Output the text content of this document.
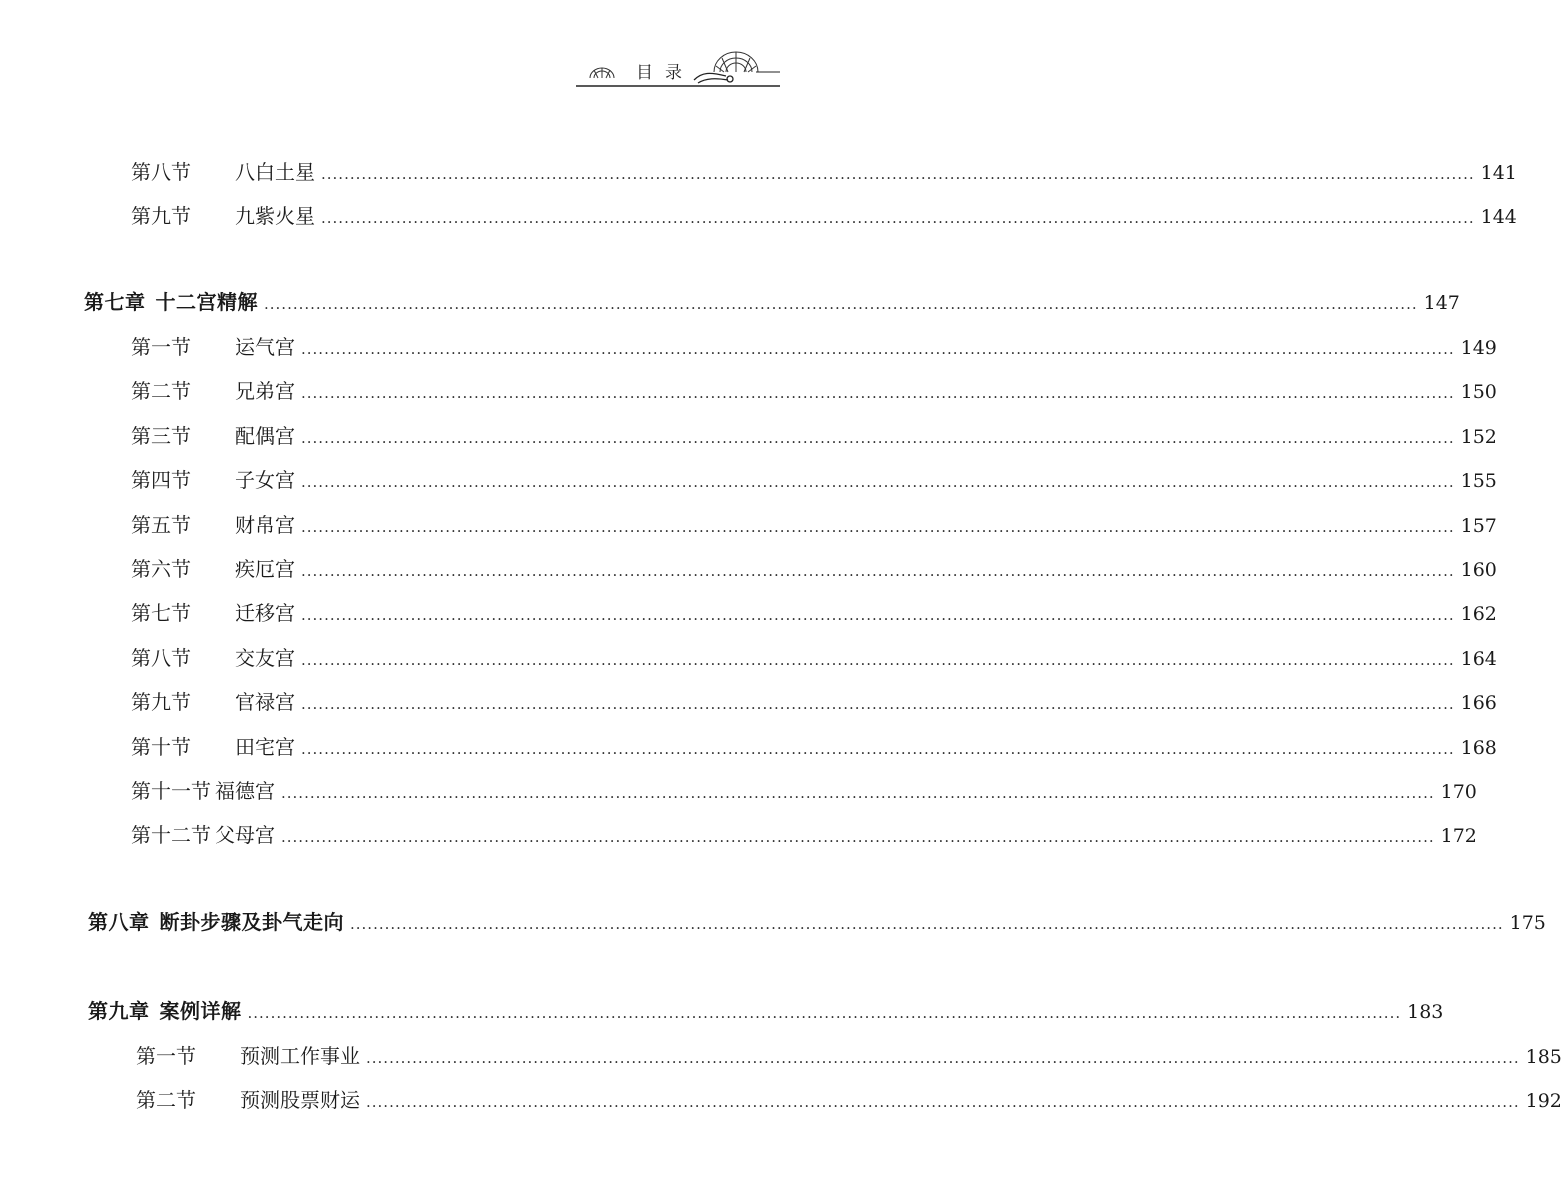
目录
第八节 八白土星 ........................................................................................................................................................................................................ 141
第九节 九紫火星 ........................................................................................................................................................................................................ 144
第七章 十二宫精解 ........................................................................................................................................................................................................ 147
第一节 运气宫 ........................................................................................................................................................................................................ 149
第二节 兄弟宫 ........................................................................................................................................................................................................ 150
第三节 配偶宫 ........................................................................................................................................................................................................ 152
第四节 子女宫 ........................................................................................................................................................................................................ 155
第五节 财帛宫 ........................................................................................................................................................................................................ 157
第六节 疾厄宫 ........................................................................................................................................................................................................ 160
第七节 迁移宫 ........................................................................................................................................................................................................ 162
第八节 交友宫 ........................................................................................................................................................................................................ 164
第九节 官禄宫 ........................................................................................................................................................................................................ 166
第十节 田宅宫 ........................................................................................................................................................................................................ 168
第十一节 福德宫 ........................................................................................................................................................................................................ 170
第十二节 父母宫 ........................................................................................................................................................................................................ 172
第八章 断卦步骤及卦气走向 ........................................................................................................................................................................................................ 175
第九章 案例详解 ........................................................................................................................................................................................................ 183
第一节 预测工作事业 ........................................................................................................................................................................................................ 185
第二节 预测股票财运 ........................................................................................................................................................................................................ 192
